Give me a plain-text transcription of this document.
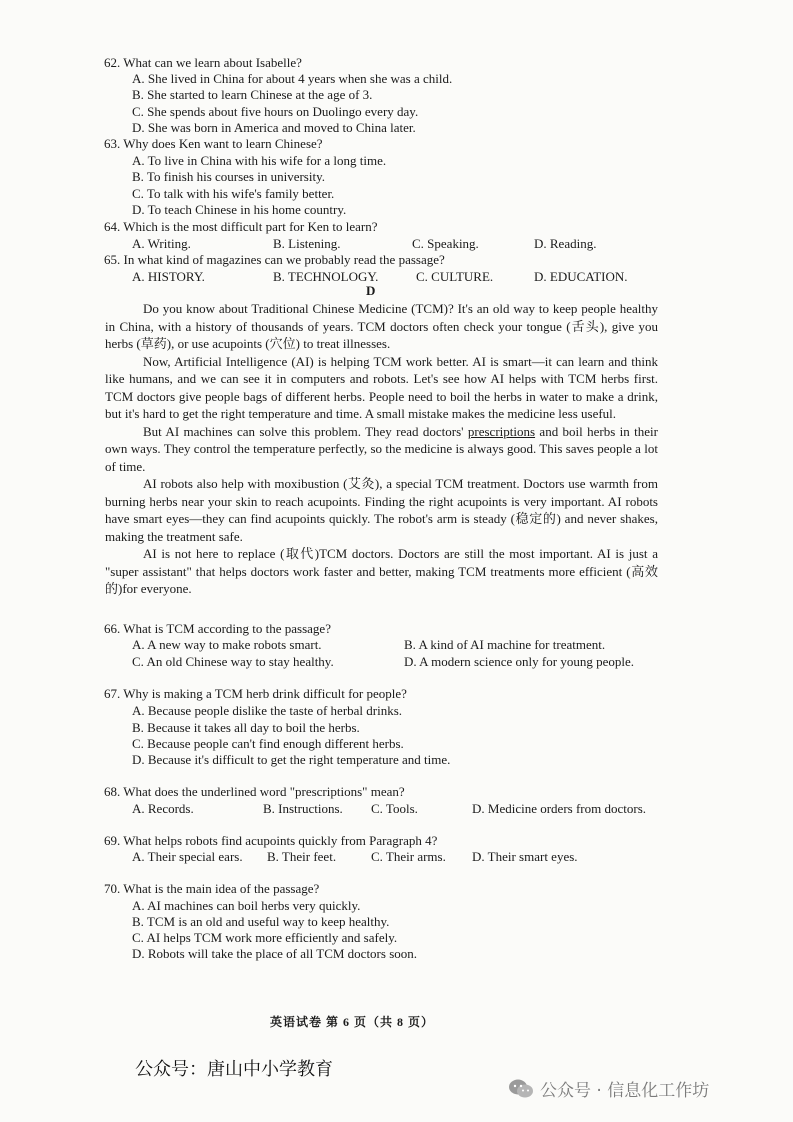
62. What can we learn about Isabelle?
A. She lived in China for about 4 years when she was a child.
B. She started to learn Chinese at the age of 3.
C. She spends about five hours on Duolingo every day.
D. She was born in America and moved to China later.
63. Why does Ken want to learn Chinese?
A. To live in China with his wife for a long time.
B. To finish his courses in university.
C. To talk with his wife's family better.
D. To teach Chinese in his home country.
64. Which is the most difficult part for Ken to learn?
A. Writing.	B. Listening.	C. Speaking.	D. Reading.
65. In what kind of magazines can we probably read the passage?
A. HISTORY.	B. TECHNOLOGY.	C. CULTURE.	D. EDUCATION.
D

Do you know about Traditional Chinese Medicine (TCM)? It's an old way to keep people healthy in China, with a history of thousands of years. TCM doctors often check your tongue (舌头), give you herbs (草药), or use acupoints (穴位) to treat illnesses.

Now, Artificial Intelligence (AI) is helping TCM work better. AI is smart—it can learn and think like humans, and we can see it in computers and robots. Let's see how AI helps with TCM herbs first. TCM doctors give people bags of different herbs. People need to boil the herbs in water to make a drink, but it's hard to get the right temperature and time. A small mistake makes the medicine less useful.

But AI machines can solve this problem. They read doctors' prescriptions and boil herbs in their own ways. They control the temperature perfectly, so the medicine is always good. This saves people a lot of time.

AI robots also help with moxibustion (艾灸), a special TCM treatment. Doctors use warmth from burning herbs near your skin to reach acupoints. Finding the right acupoints is very important. AI robots have smart eyes—they can find acupoints quickly. The robot's arm is steady (稳定的) and never shakes, making the treatment safe.

AI is not here to replace (取代)TCM doctors. Doctors are still the most important. AI is just a "super assistant" that helps doctors work faster and better, making TCM treatments more efficient (高效的)for everyone.

66. What is TCM according to the passage?
A. A new way to make robots smart.	B. A kind of AI machine for treatment.
C. An old Chinese way to stay healthy.	D. A modern science only for young people.
67. Why is making a TCM herb drink difficult for people?
A. Because people dislike the taste of herbal drinks.
B. Because it takes all day to boil the herbs.
C. Because people can't find enough different herbs.
D. Because it's difficult to get the right temperature and time.
68. What does the underlined word "prescriptions" mean?
A. Records.	B. Instructions. C. Tools.	D. Medicine orders from doctors.
69. What helps robots find acupoints quickly from Paragraph 4?
A. Their special ears. B. Their feet.	C. Their arms. D. Their smart eyes.
70. What is the main idea of the passage?
A. AI machines can boil herbs very quickly.
B. TCM is an old and useful way to keep healthy.
C. AI helps TCM work more efficiently and safely.
D. Robots will take the place of all TCM doctors soon.
英语试卷 第 6 页（共 8 页）
公众号：唐山中小学教育
公众号 · 信息化工作坊
